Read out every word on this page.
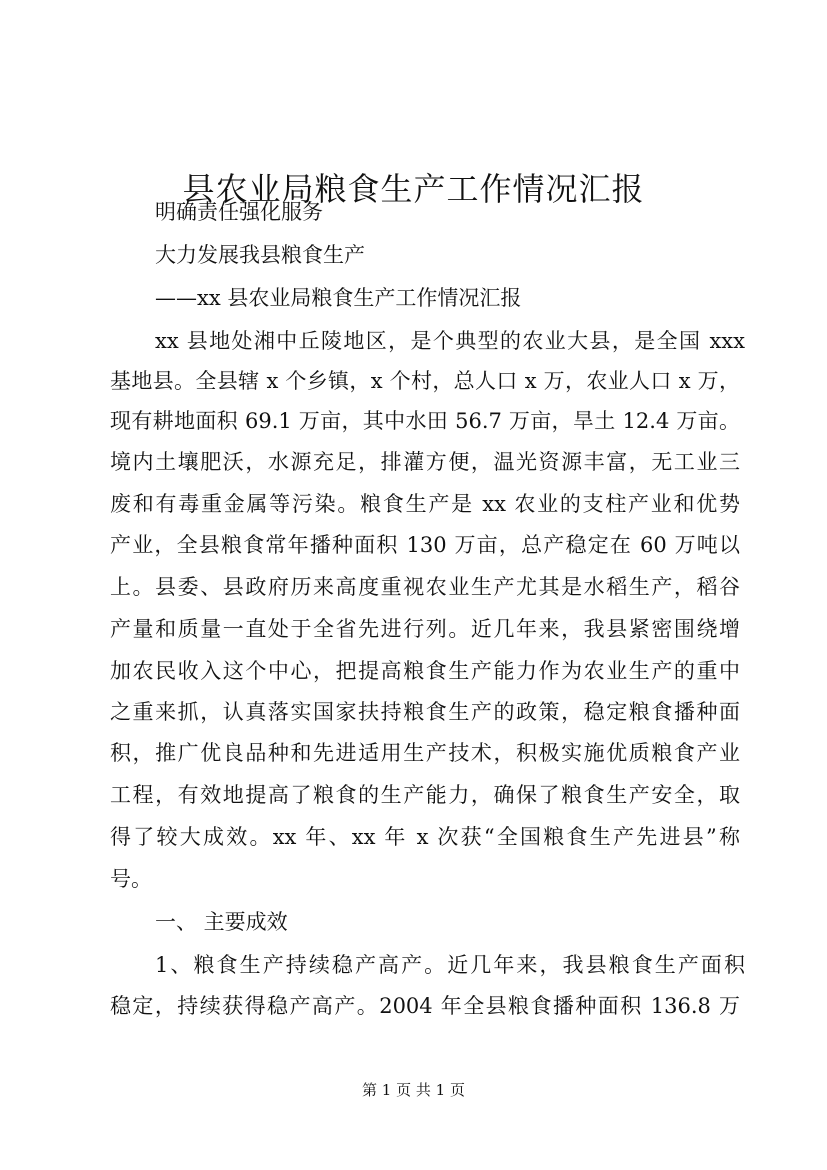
县农业局粮食生产工作情况汇报
明确责任强化服务
大力发展我县粮食生产
——xx 县农业局粮食生产工作情况汇报
xx 县地处湘中丘陵地区，是个典型的农业大县，是全国 xxx
基地县。全县辖 x 个乡镇，x 个村，总人口 x 万，农业人口 x 万，
现有耕地面积 69.1 万亩，其中水田 56.7 万亩，旱土 12.4 万亩。
境内土壤肥沃，水源充足，排灌方便，温光资源丰富，无工业三
废和有毒重金属等污染。粮食生产是 xx 农业的支柱产业和优势
产业，全县粮食常年播种面积 130 万亩，总产稳定在 60 万吨以
上。县委、县政府历来高度重视农业生产尤其是水稻生产，稻谷
产量和质量一直处于全省先进行列。近几年来，我县紧密围绕增
加农民收入这个中心，把提高粮食生产能力作为农业生产的重中
之重来抓，认真落实国家扶持粮食生产的政策，稳定粮食播种面
积，推广优良品种和先进适用生产技术，积极实施优质粮食产业
工程，有效地提高了粮食的生产能力，确保了粮食生产安全，取
得了较大成效。xx 年、xx 年 x 次获“全国粮食生产先进县”称
号。
一、 主要成效
1、粮食生产持续稳产高产。近几年来，我县粮食生产面积
稳定，持续获得稳产高产。2004 年全县粮食播种面积 136.8 万
第 1 页 共 1 页
